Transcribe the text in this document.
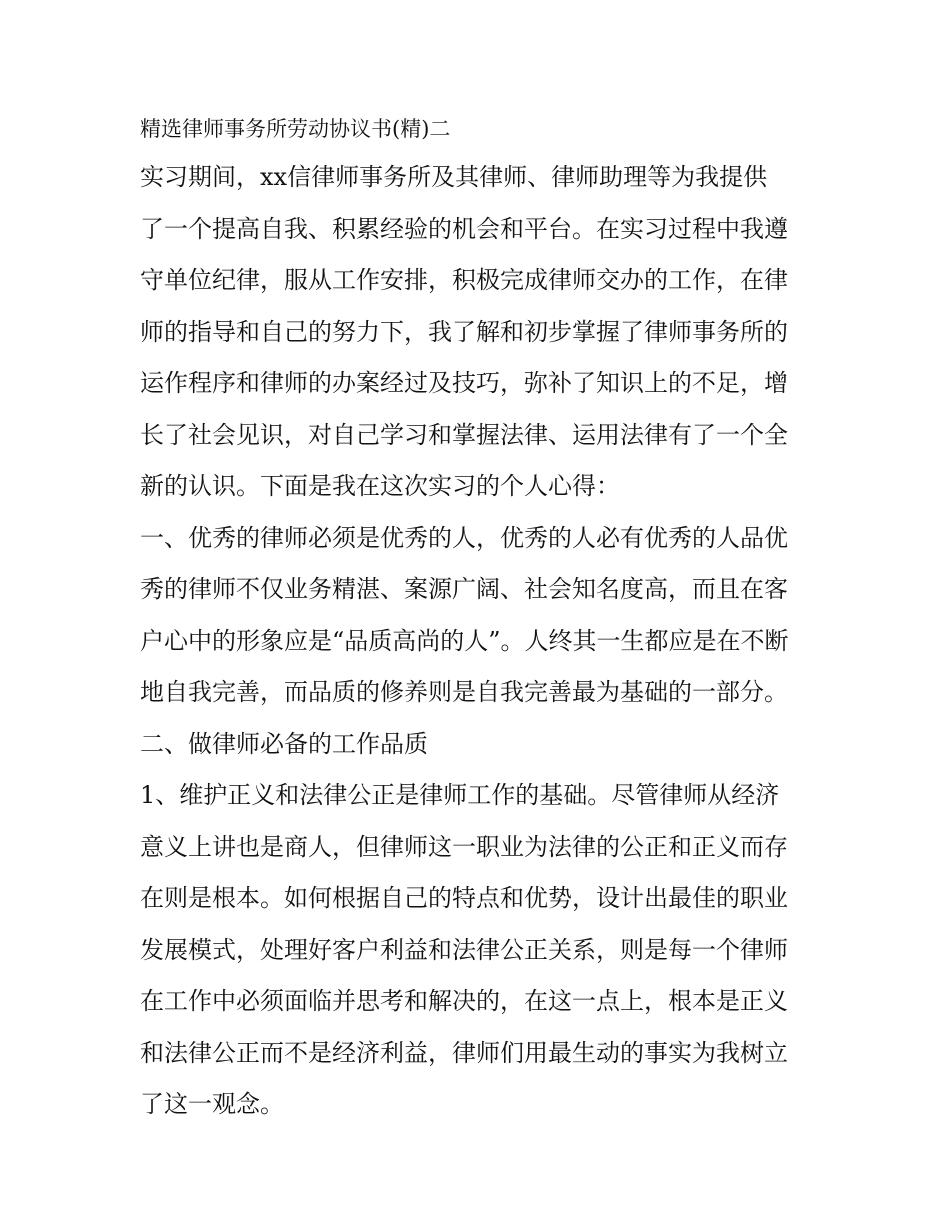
精选律师事务所劳动协议书(精)二
实习期间，xx信律师事务所及其律师、律师助理等为我提供
了一个提高自我、积累经验的机会和平台。在实习过程中我遵
守单位纪律，服从工作安排，积极完成律师交办的工作，在律
师的指导和自己的努力下，我了解和初步掌握了律师事务所的
运作程序和律师的办案经过及技巧，弥补了知识上的不足，增
长了社会见识，对自己学习和掌握法律、运用法律有了一个全
新的认识。下面是我在这次实习的个人心得：
一、优秀的律师必须是优秀的人，优秀的人必有优秀的人品优
秀的律师不仅业务精湛、案源广阔、社会知名度高，而且在客
户心中的形象应是“品质高尚的人”。人终其一生都应是在不断
地自我完善，而品质的修养则是自我完善最为基础的一部分。
二、做律师必备的工作品质
1、维护正义和法律公正是律师工作的基础。尽管律师从经济
意义上讲也是商人，但律师这一职业为法律的公正和正义而存
在则是根本。如何根据自己的特点和优势，设计出最佳的职业
发展模式，处理好客户利益和法律公正关系，则是每一个律师
在工作中必须面临并思考和解决的，在这一点上，根本是正义
和法律公正而不是经济利益，律师们用最生动的事实为我树立
了这一观念。
